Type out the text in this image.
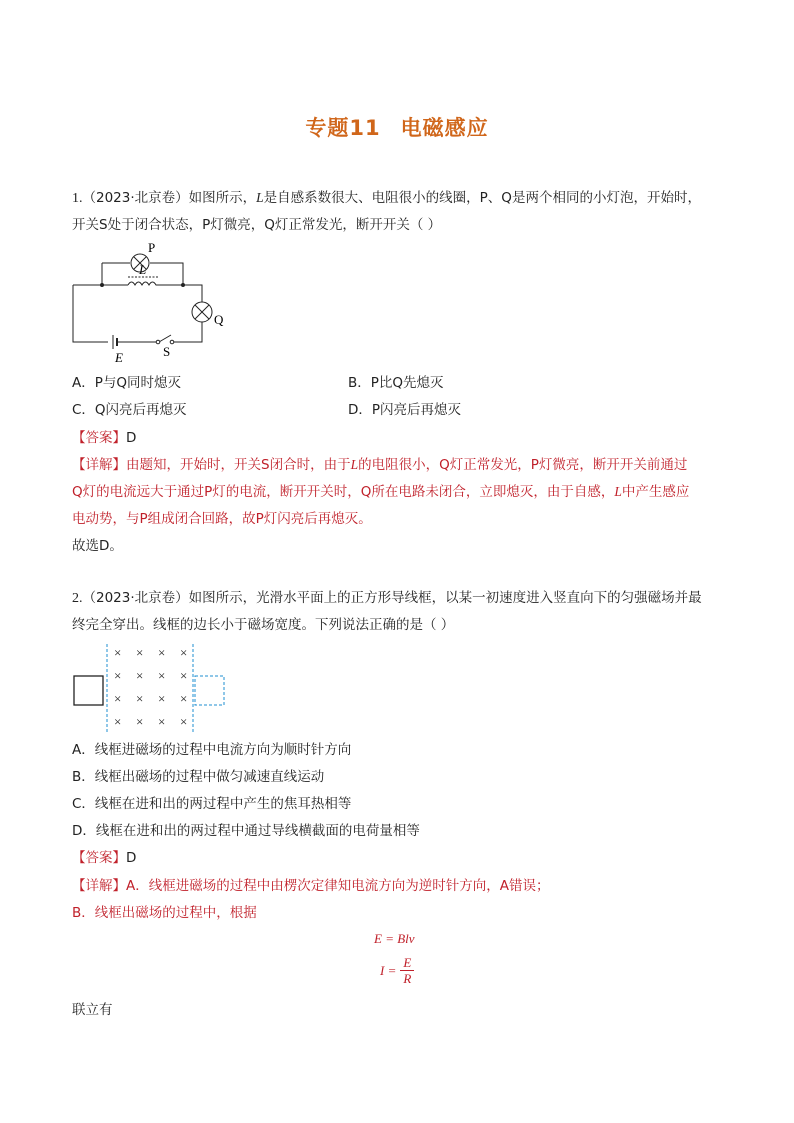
专题11 电磁感应
1.（2023·北京卷）如图所示，L是自感系数很大、电阻很小的线圈，P、Q是两个相同的小灯泡，开始时，
开关S处于闭合状态，P灯微亮，Q灯正常发光，断开开关（ ）
P
L
Q
E	S
A．P与Q同时熄灭	B．P比Q先熄灭
C．Q闪亮后再熄灭	D．P闪亮后再熄灭
【答案】D
【详解】由题知，开始时，开关S闭合时，由于L的电阻很小，Q灯正常发光，P灯微亮，断开开关前通过
Q灯的电流远大于通过P灯的电流，断开开关时，Q所在电路未闭合，立即熄灭，由于自感，L中产生感应
电动势，与P组成闭合回路，故P灯闪亮后再熄灭。
故选D。
2.（2023·北京卷）如图所示，光滑水平面上的正方形导线框，以某一初速度进入竖直向下的匀强磁场并最
终完全穿出。线框的边长小于磁场宽度。下列说法正确的是（ ）
× × × ×
× × × ×
× × × ×
× × × ×
A．线框进磁场的过程中电流方向为顺时针方向
B．线框出磁场的过程中做匀减速直线运动
C．线框在进和出的两过程中产生的焦耳热相等
D．线框在进和出的两过程中通过导线横截面的电荷量相等
【答案】D
【详解】A．线框进磁场的过程中由楞次定律知电流方向为逆时针方向，A错误；
B．线框出磁场的过程中，根据
E = Blv
I = E
R
联立有
